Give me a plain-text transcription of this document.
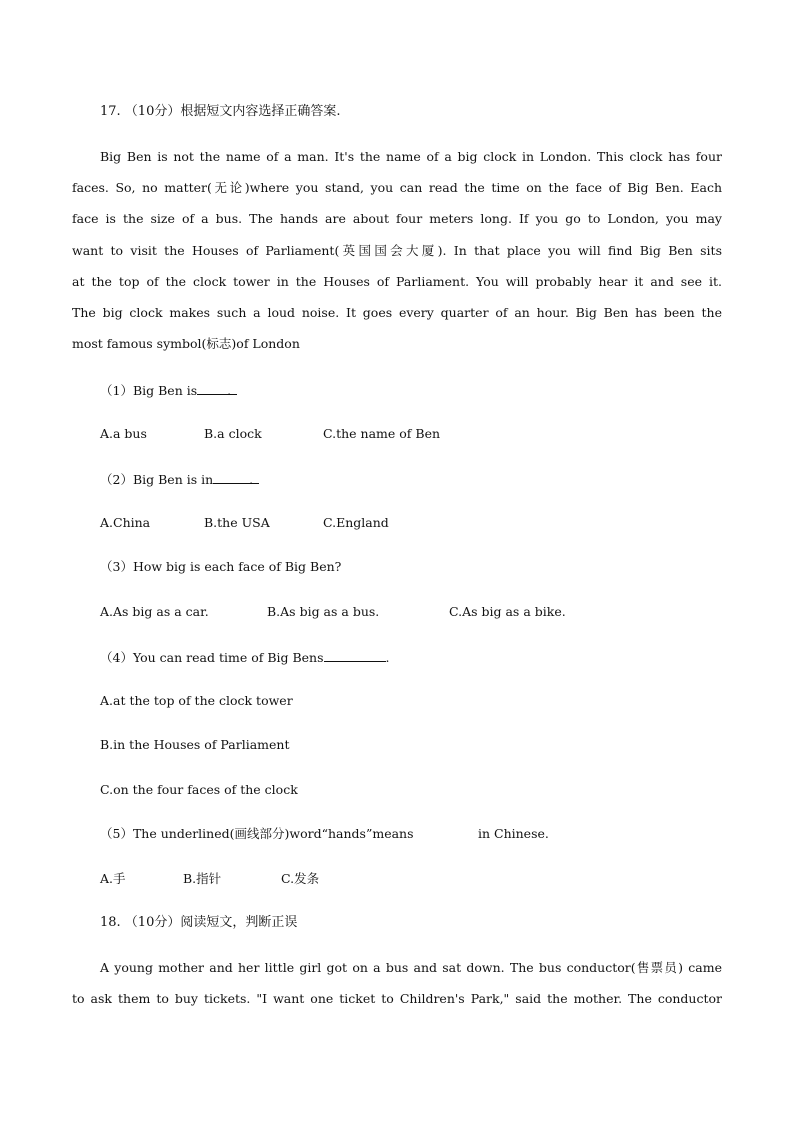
17. （10分）根据短文内容选择正确答案.
Big Ben is not the name of a man. It's the name of a big clock in London. This clock has four
faces. So, no matter(无论)where you stand, you can read the time on the face of Big Ben. Each
face is the size of a bus. The hands are about four meters long. If you go to London, you may
want to visit the Houses of Parliament(英国国会大厦). In that place you will find Big Ben sits
at the top of the clock tower in the Houses of Parliament. You will probably hear it and see it.
The big clock makes such a loud noise. It goes every quarter of an hour. Big Ben has been the
most famous symbol(标志)of London
（1）Big Ben is .
A.a bus	B.a clock	C.the name of Ben
（2）Big Ben is in	.
A.China	B.the USA	C.England
（3）How big is each face of Big Ben?
A.As big as a car.	B.As big as a bus.	C.As big as a bike.
（4）You can read time of Big Bens	.
A.at the top of the clock tower
B.in the Houses of Parliament
C.on the four faces of the clock
（5）The underlined(画线部分)word“hands”means	in Chinese.
A.手	B.指针	C.发条
18. （10分）阅读短文，判断正误
A young mother and her little girl got on a bus and sat down. The bus conductor(售票员) came
to ask them to buy tickets. "I want one ticket to Children's Park," said the mother. The conductor
